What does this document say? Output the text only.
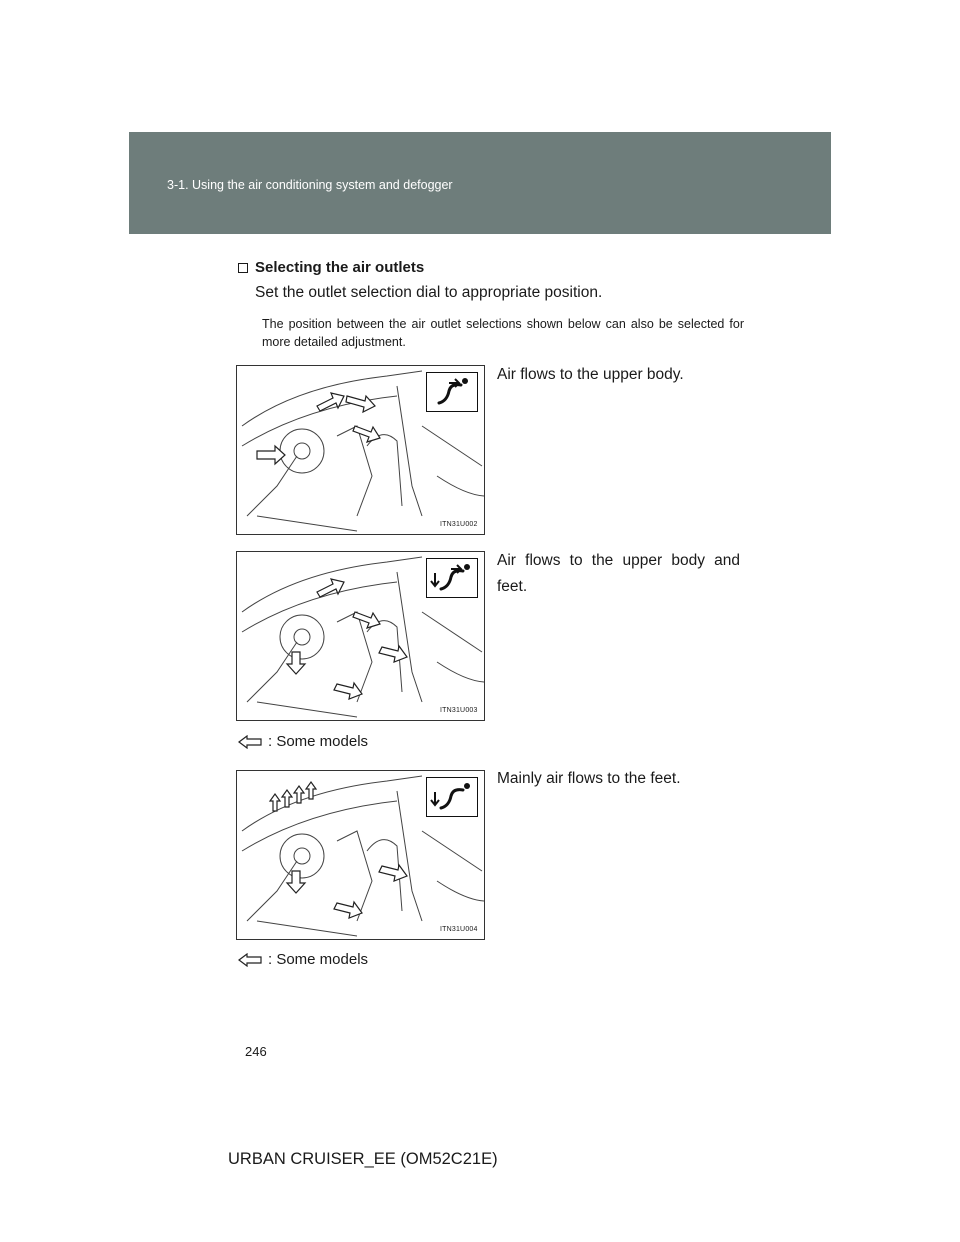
3-1. Using the air conditioning system and defogger
Selecting the air outlets
Set the outlet selection dial to appropriate position.
The position between the air outlet selections shown below can also be selected for more detailed adjustment.
ITN31U002
Air flows to the upper body.
ITN31U003
Air flows to the upper body and feet.
: Some models
ITN31U004
Mainly air flows to the feet.
: Some models
246
URBAN CRUISER_EE (OM52C21E)
